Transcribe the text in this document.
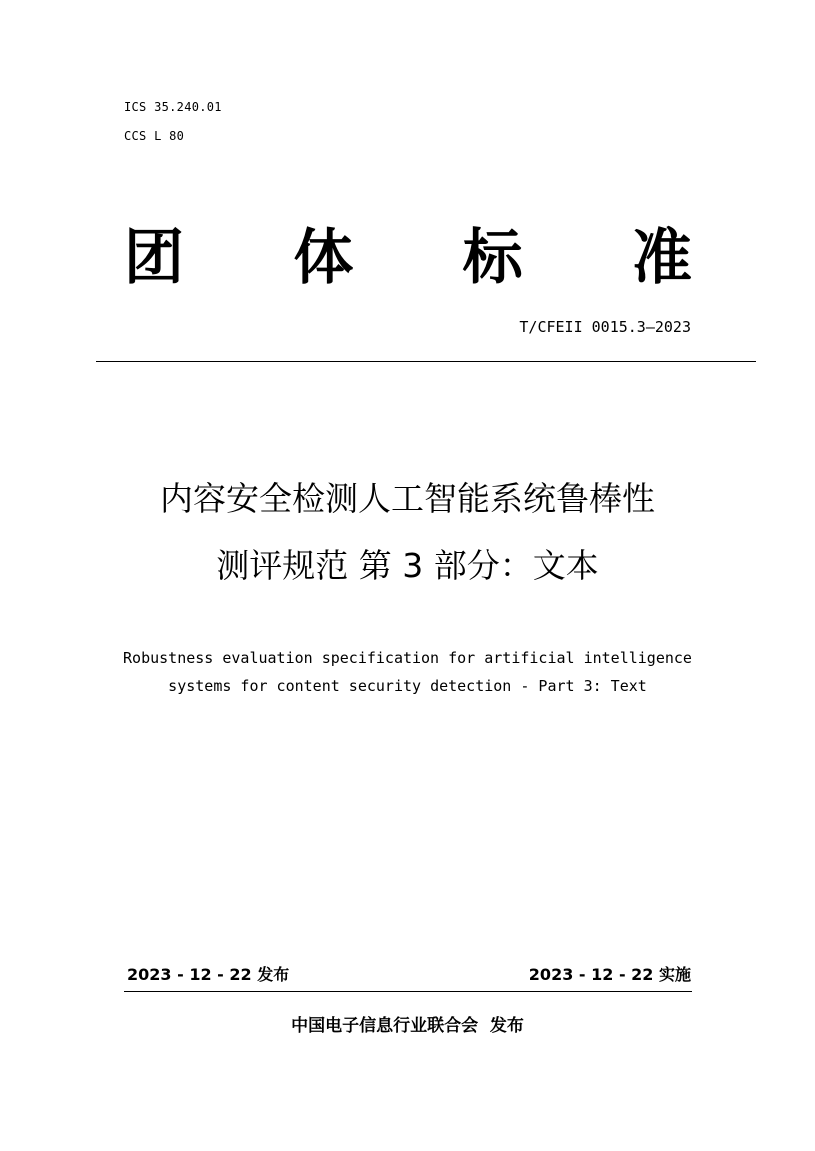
ICS 35.240.01
CCS L 80
团 体 标 准
T/CFEII 0015.3—2023
内容安全检测人工智能系统鲁棒性
测评规范 第 3 部分：文本
Robustness evaluation specification for artificial intelligence systems for content security detection - Part 3: Text
2023 - 12 - 22 发布	2023 - 12 - 22 实施
中国电子信息行业联合会  发布
